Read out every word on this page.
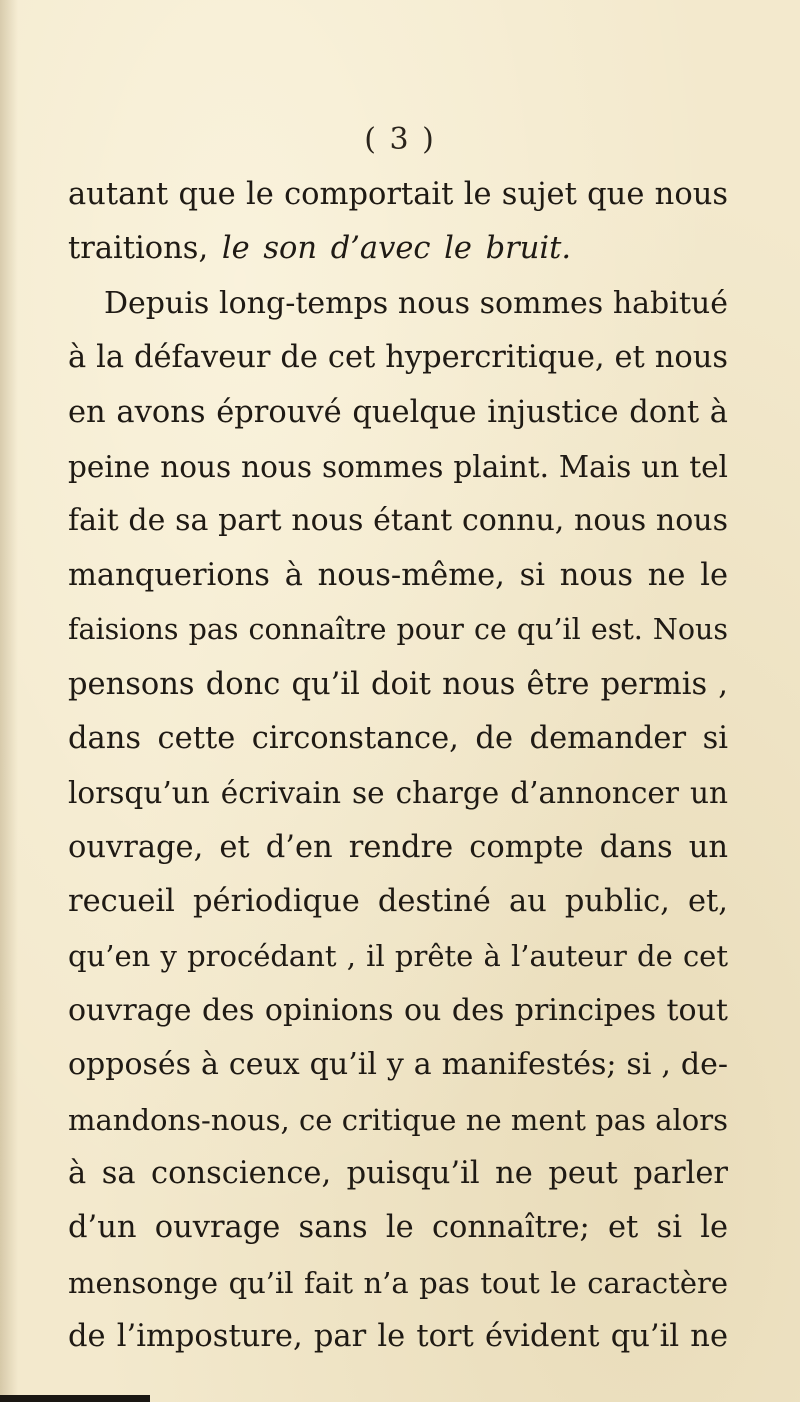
( 3 )
autant que le comportait le sujet que nous
traitions, le son d’avec le bruit.
Depuis long-temps nous sommes habitué
à la défaveur de cet hypercritique, et nous
en avons éprouvé quelque injustice dont à
peine nous nous sommes plaint. Mais un tel
fait de sa part nous étant connu, nous nous
manquerions à nous-même, si nous ne le
faisions pas connaître pour ce qu’il est. Nous
pensons donc qu’il doit nous être permis ,
dans cette circonstance, de demander si
lorsqu’un écrivain se charge d’annoncer un
ouvrage, et d’en rendre compte dans un
recueil périodique destiné au public, et,
qu’en y procédant , il prête à l’auteur de cet
ouvrage des opinions ou des principes tout
opposés à ceux qu’il y a manifestés; si , de-
mandons-nous, ce critique ne ment pas alors
à sa conscience, puisqu’il ne peut parler
d’un ouvrage sans le connaître; et si le
mensonge qu’il fait n’a pas tout le caractère
de l’imposture, par le tort évident qu’il ne
